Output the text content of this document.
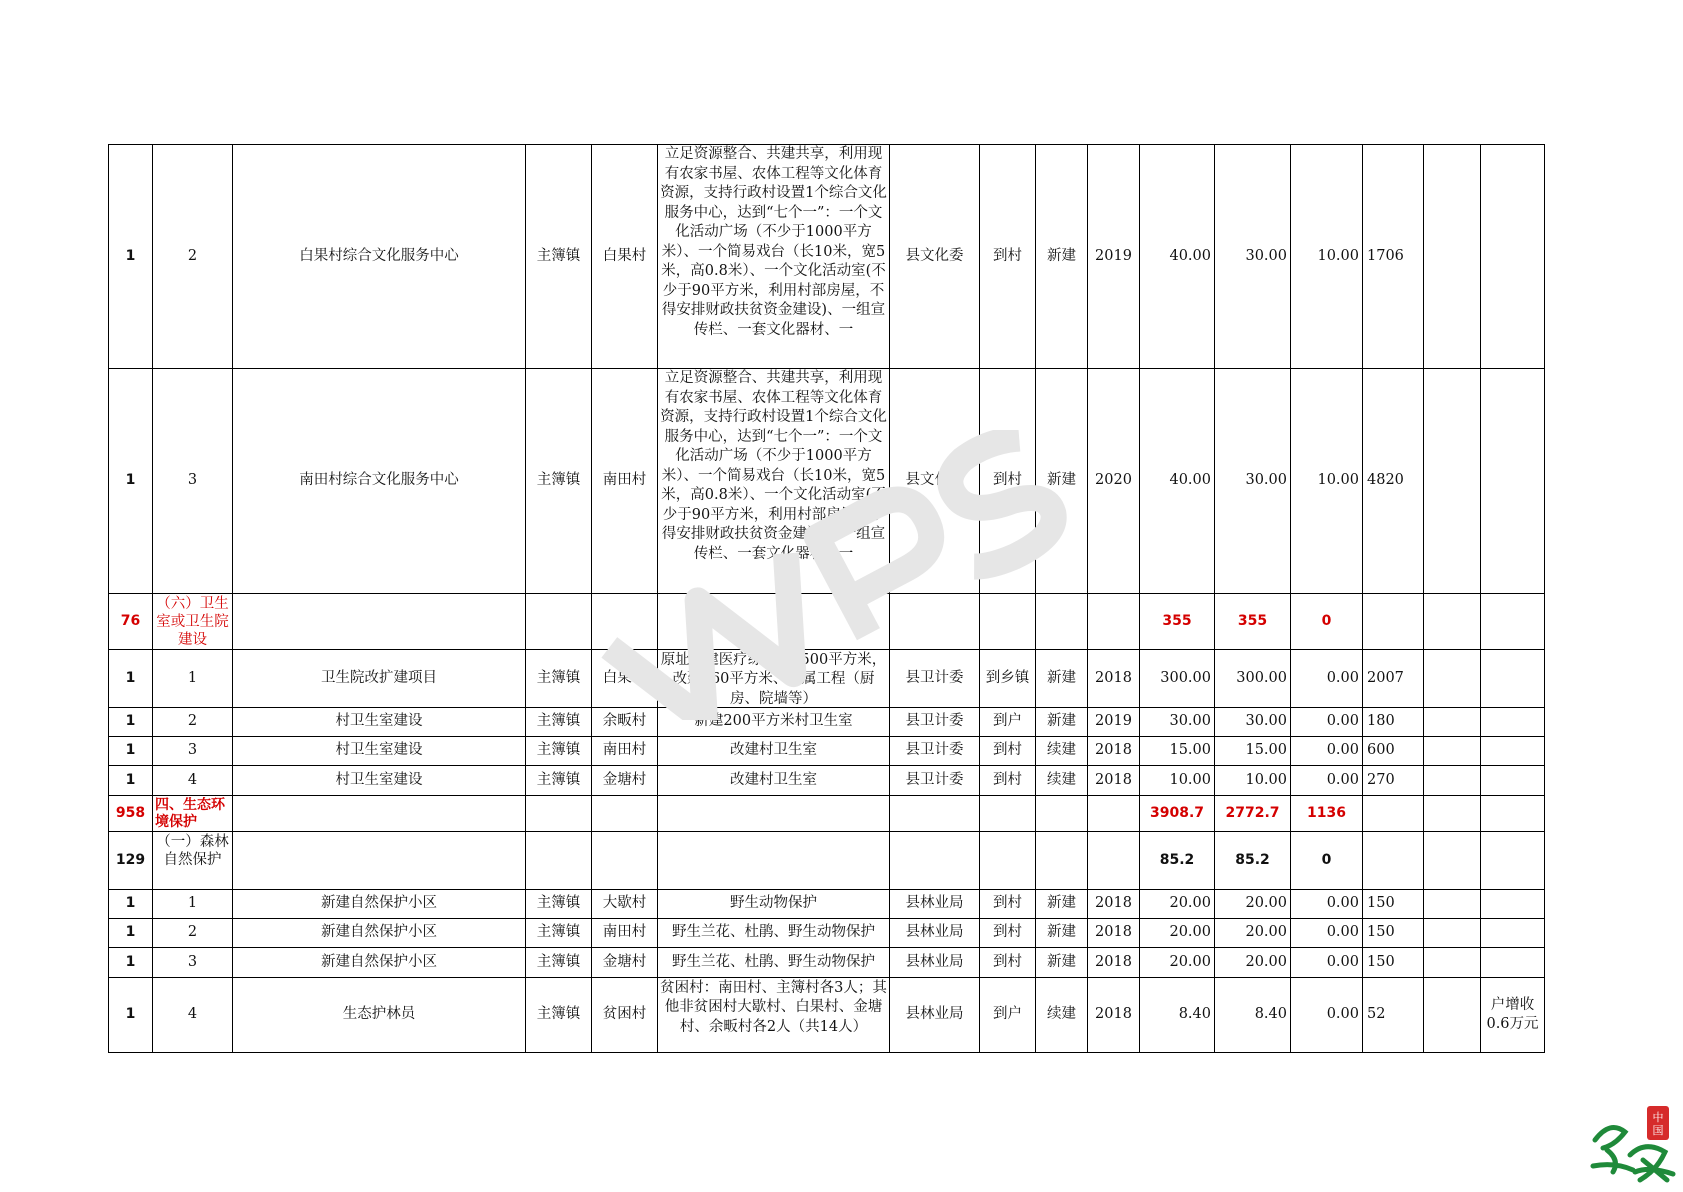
1	2	白果村综合文化服务中心	主簿镇	白果村	立足资源整合、共建共享，利用现有农家书屋、农体工程等文化体育资源，支持行政村设置1个综合文化服务中心，达到“七个一”：一个文化活动广场（不少于1000平方米）、一个简易戏台（长10米，宽5米，高0.8米）、一个文化活动室(不少于90平方米，利用村部房屋，不得安排财政扶贫资金建设)、一组宣传栏、一套文化器材、一	县文化委	到村	新建	2019	40.00	30.00	10.00	1706		
1	3	南田村综合文化服务中心	主簿镇	南田村	立足资源整合、共建共享，利用现有农家书屋、农体工程等文化体育资源，支持行政村设置1个综合文化服务中心，达到“七个一”：一个文化活动广场（不少于1000平方米）、一个简易戏台（长10米，宽5米，高0.8米）、一个文化活动室(不少于90平方米，利用村部房屋，不得安排财政扶贫资金建设)、一组宣传栏、一套文化器材、一	县文化委	到村	新建	2020	40.00	30.00	10.00	4820		
76	（六）卫生室或卫生院建设									355	355	0			
1	1	卫生院改扩建项目	主簿镇	白果村	原址新建医疗综合楼1500平方米，改建660平方米、附属工程（厨房、院墙等）	县卫计委	到乡镇	新建	2018	300.00	300.00	0.00	2007		
1	2	村卫生室建设	主簿镇	余畈村	新建200平方米村卫生室	县卫计委	到户	新建	2019	30.00	30.00	0.00	180		
1	3	村卫生室建设	主簿镇	南田村	改建村卫生室	县卫计委	到村	续建	2018	15.00	15.00	0.00	600		
1	4	村卫生室建设	主簿镇	金塘村	改建村卫生室	县卫计委	到村	续建	2018	10.00	10.00	0.00	270		
958	四、生态环境保护									3908.7	2772.7	1136			
129	（一）森林自然保护									85.2	85.2	0			
1	1	新建自然保护小区	主簿镇	大歇村	野生动物保护	县林业局	到村	新建	2018	20.00	20.00	0.00	150		
1	2	新建自然保护小区	主簿镇	南田村	野生兰花、杜鹃、野生动物保护	县林业局	到村	新建	2018	20.00	20.00	0.00	150		
1	3	新建自然保护小区	主簿镇	金塘村	野生兰花、杜鹃、野生动物保护	县林业局	到村	新建	2018	20.00	20.00	0.00	150		
1	4	生态护林员	主簿镇	贫困村	贫困村：南田村、主簿村各3人；其他非贫困村大歇村、白果村、金塘村、余畈村各2人（共14人）	县林业局	到户	续建	2018	8.40	8.40	0.00	52		户增收0.6万元
WPS
中国
